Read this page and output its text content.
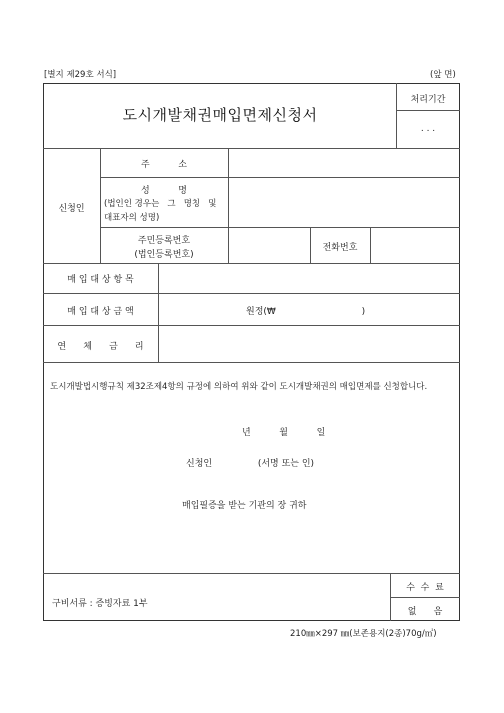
[별지 제29호 서식]	(앞 면)
도시개발채권매입면제신청서
처리기간
. . .
신청인
주          소
성          명
(법인인 경우는   그   명칭   및
대표자의 성명)
주민등록번호
(법인등록번호)
전화번호
매 입 대 상 항 목
매 입 대 상 금 액	원정(₩                              )
연      체      금      리
도시개발법시행규칙 제32조제4항의 규정에 의하여 위와 같이 도시개발채권의 매입면제를 신청합니다.
년          월          일
신청인                (서명 또는 인)
매입필증을 받는 기관의 장 귀하
구비서류 : 증빙자료 1부
수  수  료
없      음
210㎜×297 ㎜(보존용지(2종)70g/㎡)
